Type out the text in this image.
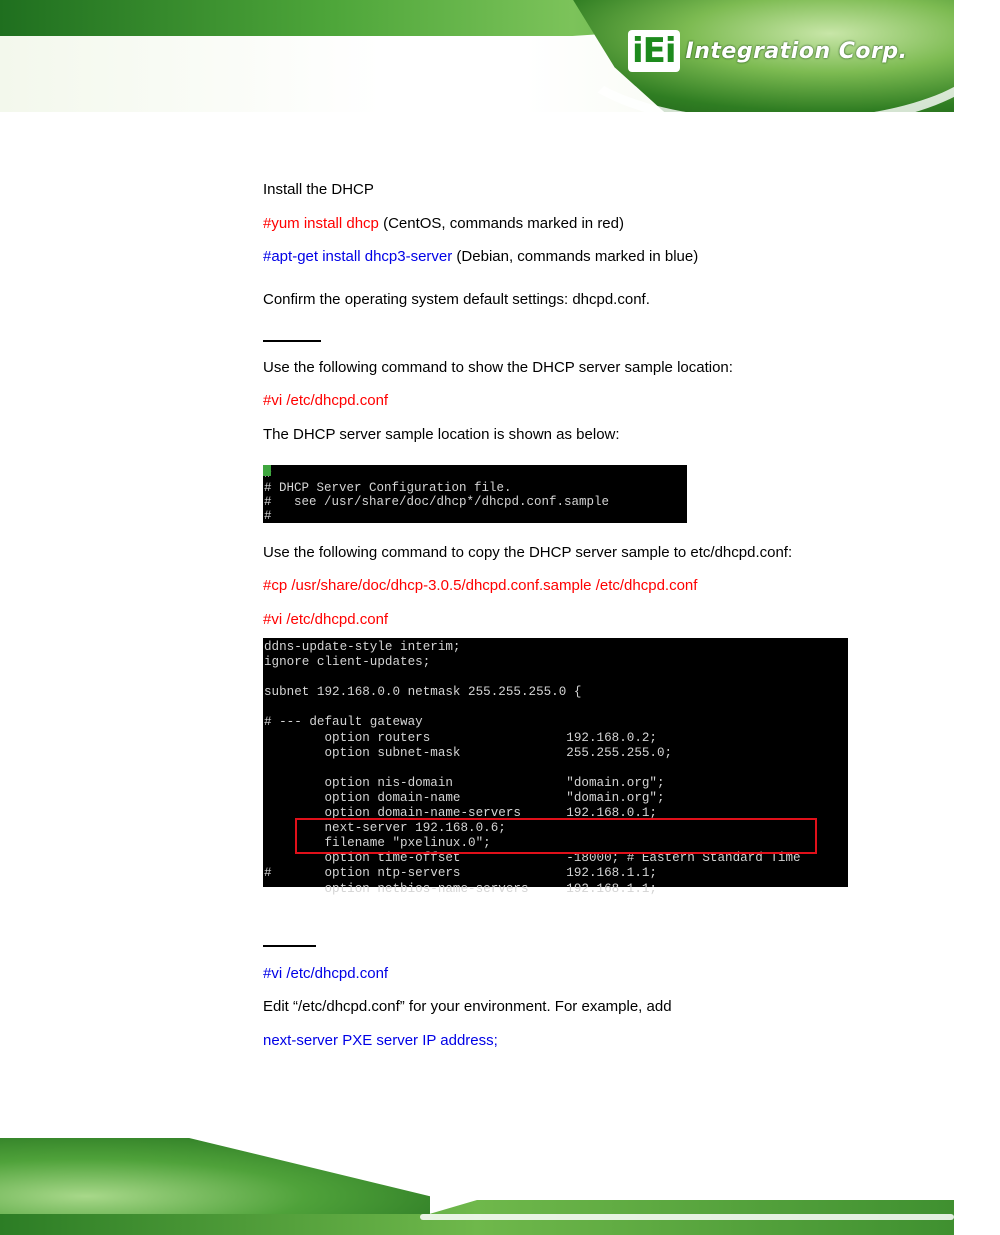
iEi Integration Corp.
Install the DHCP
#yum install dhcp (CentOS, commands marked in red)
#apt-get install dhcp3-server (Debian, commands marked in blue)
Confirm the operating system default settings: dhcpd.conf.
Use the following command to show the DHCP server sample location:
#vi /etc/dhcpd.conf
The DHCP server sample location is shown as below:
Use the following command to copy the DHCP server sample to etc/dhcpd.conf:
#cp /usr/share/doc/dhcp-3.0.5/dhcpd.conf.sample /etc/dhcpd.conf
#vi /etc/dhcpd.conf
#vi /etc/dhcpd.conf
Edit “/etc/dhcpd.conf” for your environment. For example, add
next-server PXE server IP address;

# DHCP Server Configuration file.
#   see /usr/share/doc/dhcp*/dhcpd.conf.sample
#
ddns-update-style interim;
ignore client-updates;

subnet 192.168.0.0 netmask 255.255.255.0 {

# --- default gateway
option routers                  192.168.0.2;
option subnet-mask              255.255.255.0;

option nis-domain               "domain.org";
option domain-name              "domain.org";
option domain-name-servers      192.168.0.1;
next-server 192.168.0.6;
filename "pxelinux.0";
option time-offset              -18000; # Eastern Standard Time
#       option ntp-servers              192.168.1.1;
option netbios-name-servers     192.168.1.1;
